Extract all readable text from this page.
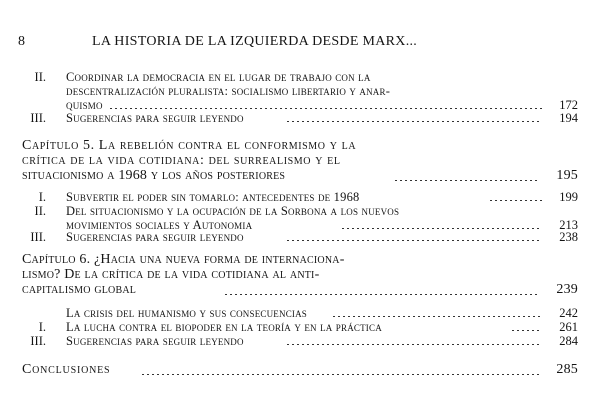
8	LA HISTORIA DE LA IZQUIERDA DESDE MARX...
II. Coordinar la democracia en el lugar de trabajo con la
descentralización pluralista: socialismo libertario y anar-
quismo	172
III. Sugerencias para seguir leyendo	194
Capítulo 5. La rebelión contra el conformismo y la
crítica de la vida cotidiana: del surrealismo y el
situacionismo a 1968 y los años posteriores	195
I. Subvertir el poder sin tomarlo: antecedentes de 1968	199
II. Del situacionismo y la ocupación de la Sorbona a los nuevos
movimientos sociales y Autonomia	213
III. Sugerencias para seguir leyendo	238
Capítulo 6. ¿Hacia una nueva forma de internaciona-
lismo? De la crítica de la vida cotidiana al anti-
capitalismo global	239
La crisis del humanismo y sus consecuencias	242
I. La lucha contra el biopoder en la teoría y en la práctica	261
III. Sugerencias para seguir leyendo	284
Conclusiones	285
